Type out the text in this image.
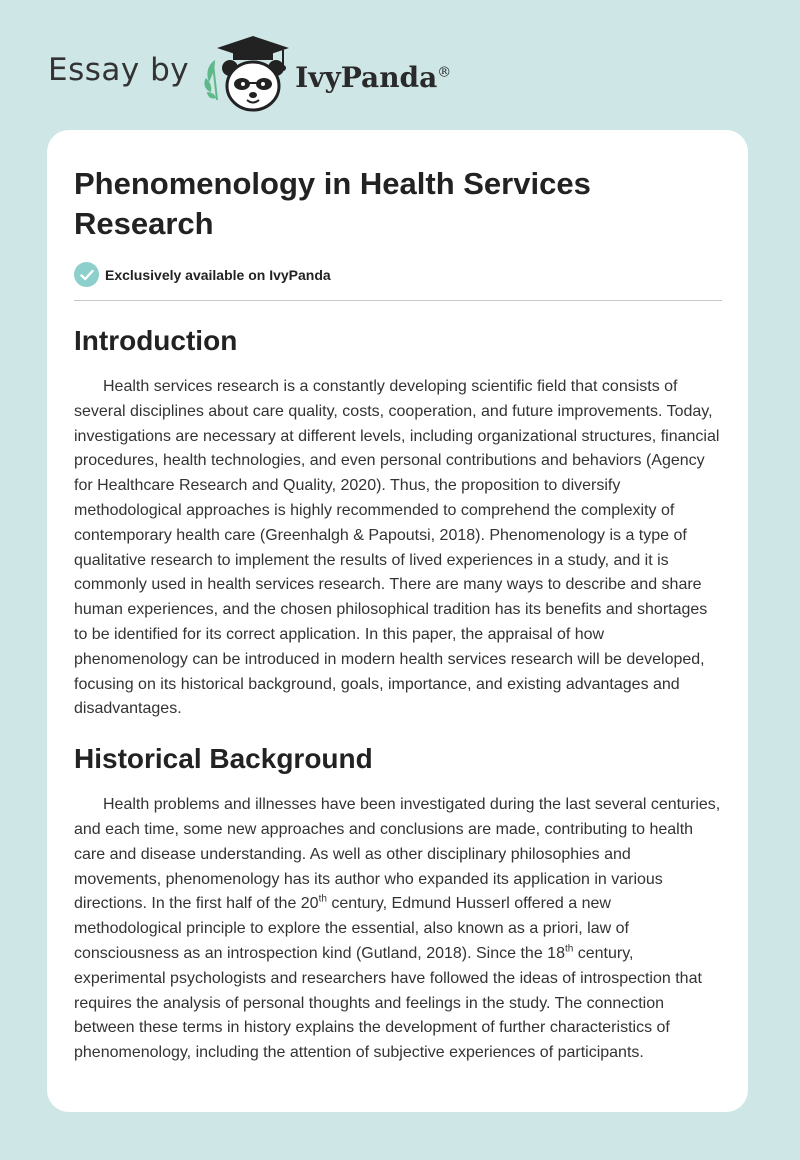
Essay by	IvyPanda®
Phenomenology in Health Services Research
Exclusively available on IvyPanda
Introduction

Health services research is a constantly developing scientific field that consists of several disciplines about care quality, costs, cooperation, and future improvements. Today, investigations are necessary at different levels, including organizational structures, financial procedures, health technologies, and even personal contributions and behaviors (Agency for Healthcare Research and Quality, 2020). Thus, the proposition to diversify methodological approaches is highly recommended to comprehend the complexity of contemporary health care (Greenhalgh & Papoutsi, 2018). Phenomenology is a type of qualitative research to implement the results of lived experiences in a study, and it is commonly used in health services research. There are many ways to describe and share human experiences, and the chosen philosophical tradition has its benefits and shortages to be identified for its correct application. In this paper, the appraisal of how phenomenology can be introduced in modern health services research will be developed, focusing on its historical background, goals, importance, and existing advantages and disadvantages.

Historical Background

Health problems and illnesses have been investigated during the last several centuries, and each time, some new approaches and conclusions are made, contributing to health care and disease understanding. As well as other disciplinary philosophies and movements, phenomenology has its author who expanded its application in various directions. In the first half of the 20th century, Edmund Husserl offered a new methodological principle to explore the essential, also known as a priori, law of consciousness as an introspection kind (Gutland, 2018). Since the 18th century, experimental psychologists and researchers have followed the ideas of introspection that requires the analysis of personal thoughts and feelings in the study. The connection between these terms in history explains the development of further characteristics of phenomenology, including the attention of subjective experiences of participants.
